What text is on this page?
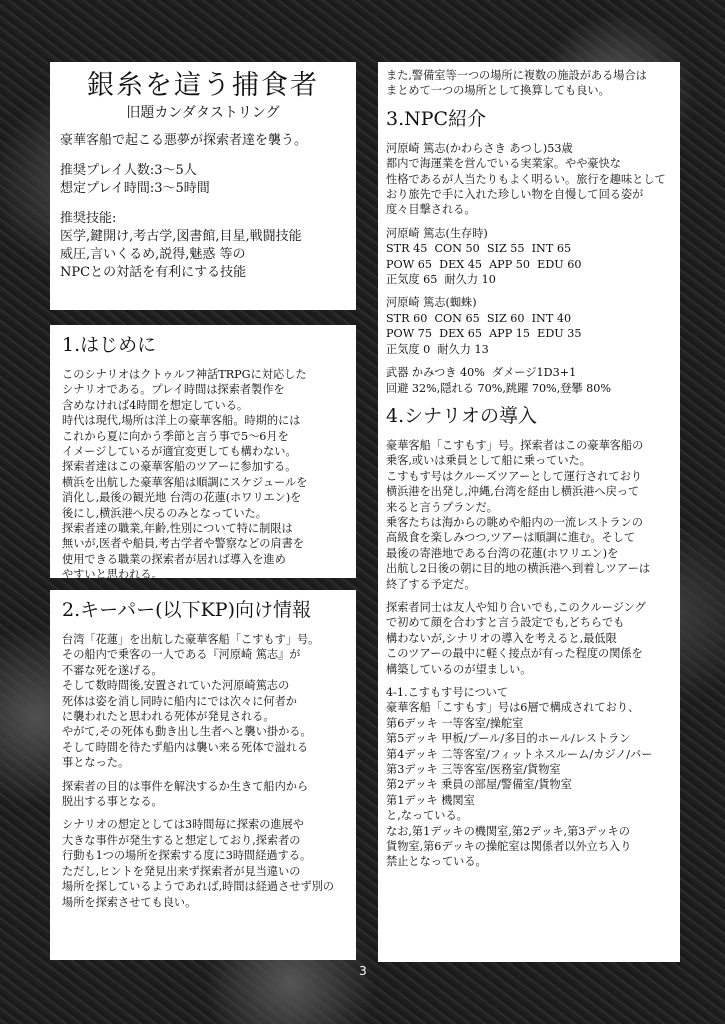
銀糸を這う捕食者

旧題カンダタストリング

豪華客船で起こる悪夢が探索者達を襲う。

推奨プレイ人数:3〜5人
想定プレイ時間:3〜5時間

推奨技能:
医学,鍵開け,考古学,図書館,目星,戦闘技能
威圧,言いくるめ,説得,魅惑 等の
NPCとの対話を有利にする技能

1.はじめに

このシナリオはクトゥルフ神話TRPGに対応した
シナリオである。プレイ時間は探索者製作を
含めなければ4時間を想定している。
時代は現代,場所は洋上の豪華客船。時期的には
これから夏に向かう季節と言う事で5〜6月を
イメージしているが適宜変更しても構わない。
探索者達はこの豪華客船のツアーに参加する。
横浜を出航した豪華客船は順調にスケジュールを
消化し,最後の観光地 台湾の花蓮(ホワリエン)を
後にし,横浜港へ戻るのみとなっていた。
探索者達の職業,年齢,性別について特に制限は
無いが,医者や船員,考古学者や警察などの肩書を
使用できる職業の探索者が居れば導入を進め
やすいと思われる。

2.キーパー(以下KP)向け情報

台湾「花蓮」を出航した豪華客船「こすもす」号。
その船内で乗客の一人である『河原崎 篤志』が
不審な死を遂げる。
そして数時間後,安置されていた河原崎篤志の
死体は姿を消し同時に船内にでは次々に何者か
に襲われたと思われる死体が発見される。
やがて,その死体も動き出し生者へと襲い掛かる。
そして時間を待たず船内は襲い来る死体で溢れる
事となった。

探索者の目的は事件を解決するか生きて船内から
脱出する事となる。

シナリオの想定としては3時間毎に探索の進展や
大きな事件が発生すると想定しており,探索者の
行動も1つの場所を探索する度に3時間経過する。
ただし,ヒントを発見出来ず探索者が見当違いの
場所を探しているようであれば,時間は経過させず別の
場所を探索させても良い。

また,警備室等一つの場所に複数の施設がある場合は
まとめて一つの場所として換算しても良い。

3.NPC紹介

河原崎 篤志(かわらさき あつし)53歳
都内で海運業を営んでいる実業家。やや豪快な
性格であるが人当たりもよく明るい。旅行を趣味として
おり旅先で手に入れた珍しい物を自慢して回る姿が
度々目撃される。

河原崎 篤志(生存時)
STR 45  CON 50  SIZ 55  INT 65
POW 65  DEX 45  APP 50  EDU 60
正気度 65  耐久力 10

河原崎 篤志(蜘蛛)
STR 60  CON 65  SIZ 60  INT 40
POW 75  DEX 65  APP 15  EDU 35
正気度 0  耐久力 13

武器 かみつき 40%  ダメージ1D3+1
回避 32%,隠れる 70%,跳躍 70%,登攀 80%

4.シナリオの導入

豪華客船「こすもす」号。探索者はこの豪華客船の
乗客,或いは乗員として船に乗っていた。
こすもす号はクルーズツアーとして運行されており
横浜港を出発し,沖縄,台湾を経由し横浜港へ戻って
来ると言うプランだ。
乗客たちは海からの眺めや船内の一流レストランの
高級食を楽しみつつ,ツアーは順調に進む。そして
最後の寄港地である台湾の花蓮(ホワリエン)を
出航し2日後の朝に目的地の横浜港へ到着しツアーは
終了する予定だ。

探索者同士は友人や知り合いでも,このクルージング
で初めて顔を合わすと言う設定でも,どちらでも
構わないが,シナリオの導入を考えると,最低限
このツアーの最中に軽く接点が有った程度の関係を
構築しているのが望ましい。

4-1.こすもす号について
豪華客船「こすもす」号は6層で構成されており、
第6デッキ 一等客室/操舵室
第5デッキ 甲板/プール/多目的ホール/レストラン
第4デッキ 二等客室/フィットネスルーム/カジノ/バー
第3デッキ 三等客室/医務室/貨物室
第2デッキ 乗員の部屋/警備室/貨物室
第1デッキ 機関室
と,なっている。
なお,第1デッキの機関室,第2デッキ,第3デッキの
貨物室,第6デッキの操舵室は関係者以外立ち入り
禁止となっている。

3
